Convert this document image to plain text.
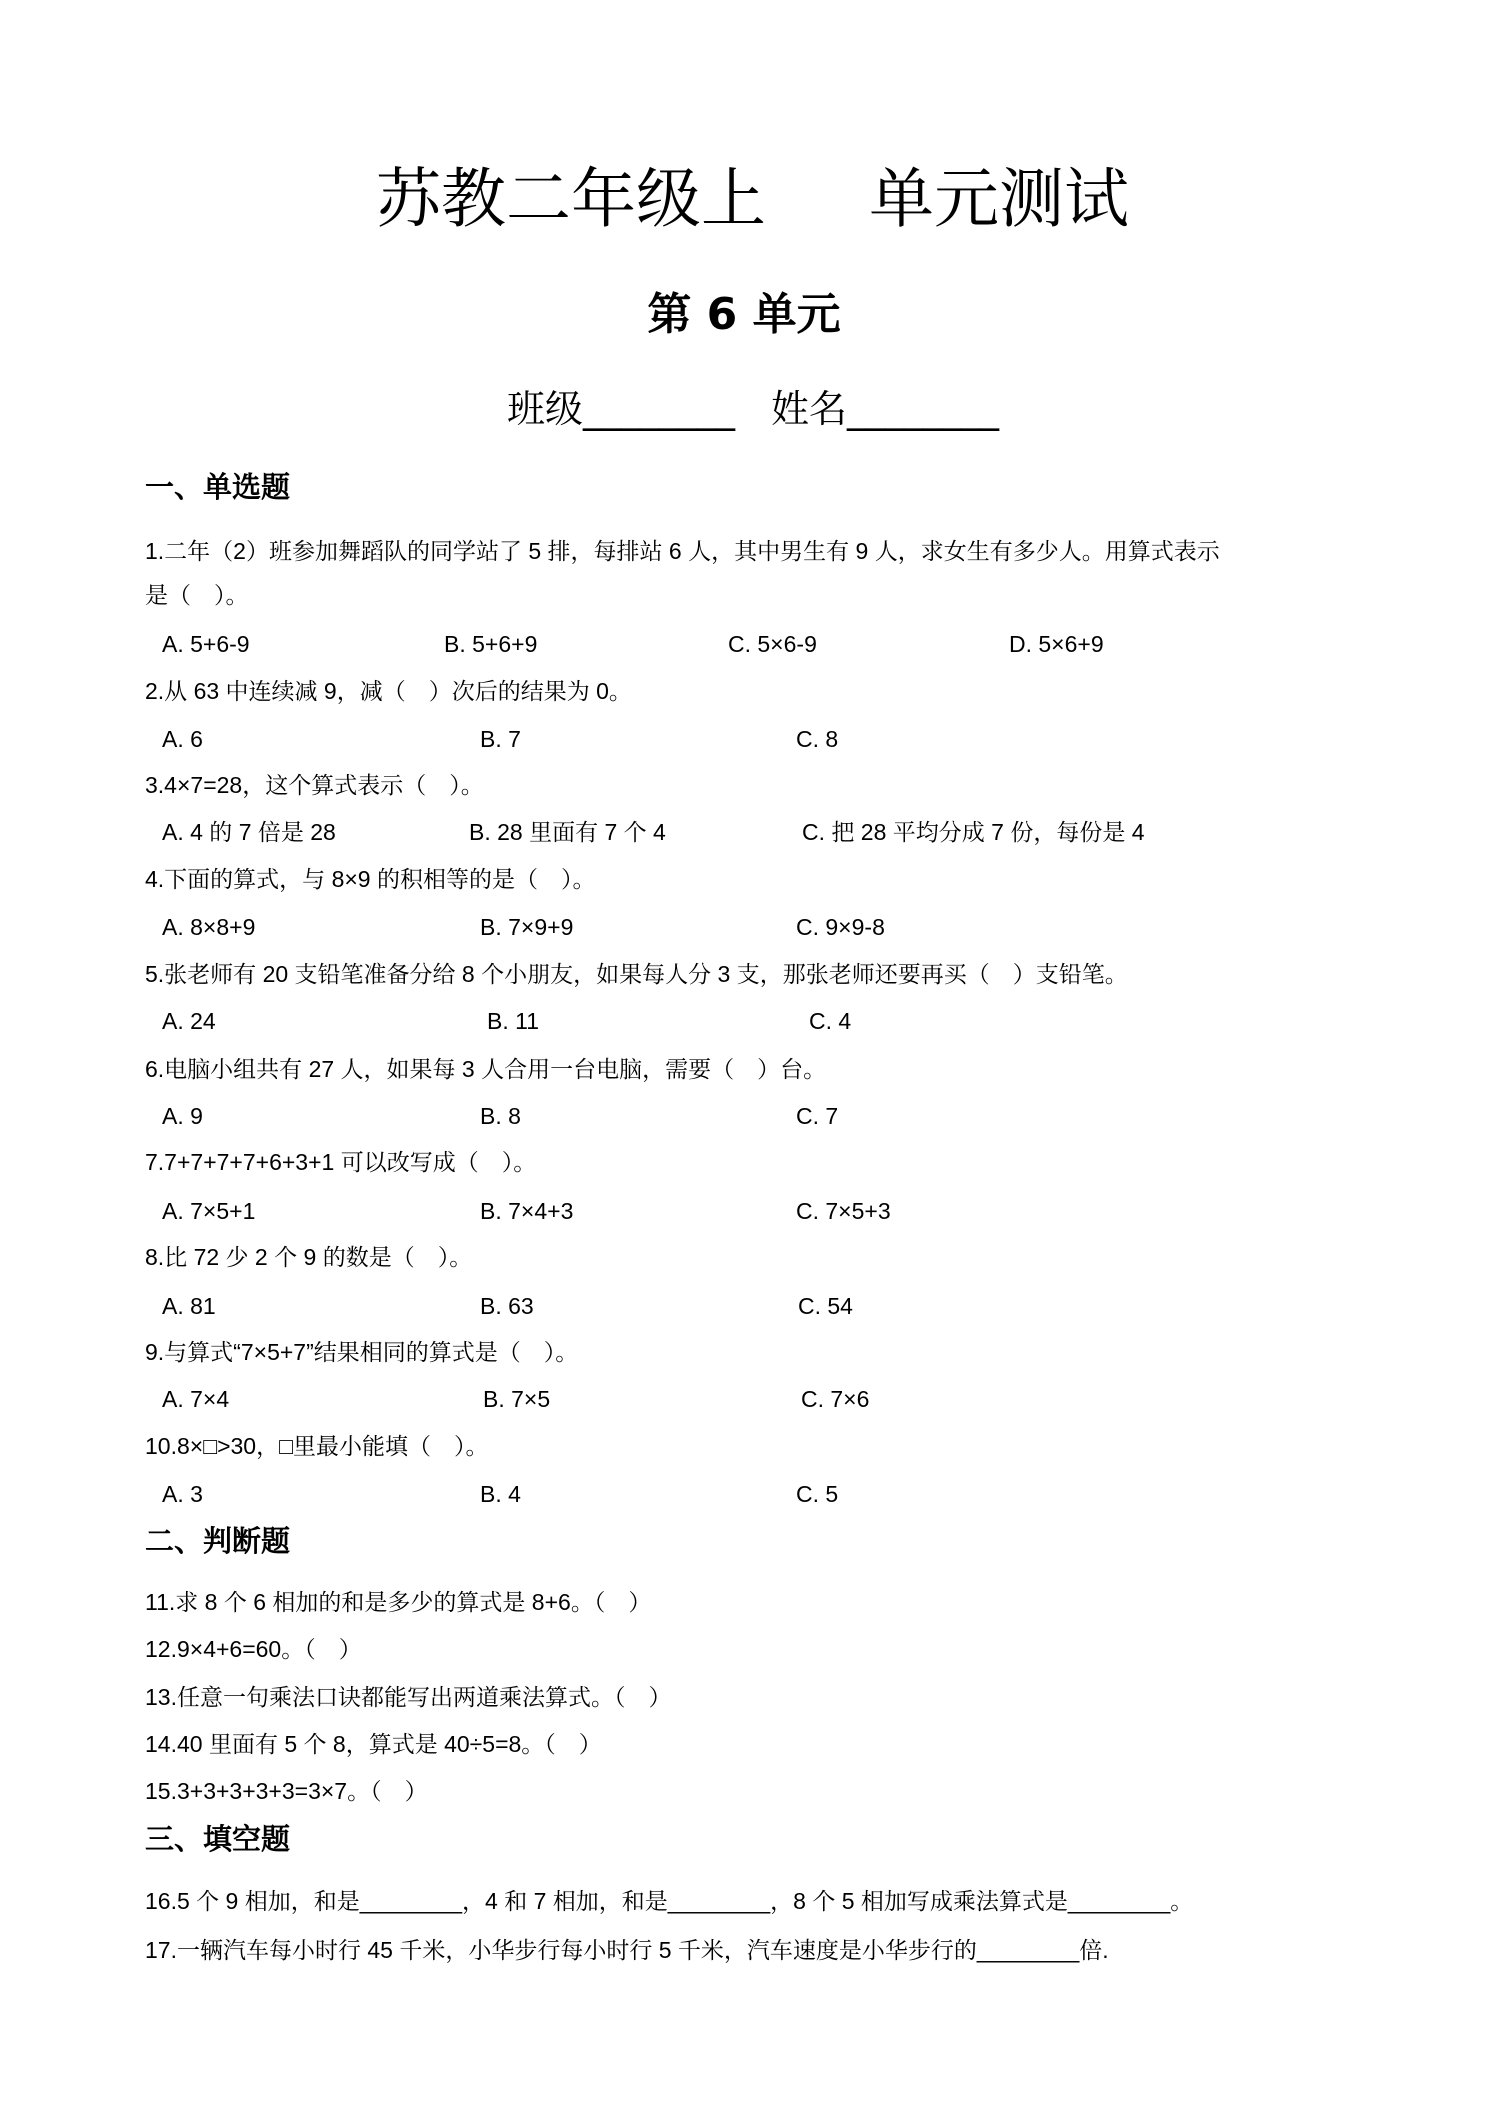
苏教二年级上 单元测试
第 6 单元
班级________ 姓名________
一、单选题
1.二年（2）班参加舞蹈队的同学站了 5 排，每排站 6 人，其中男生有 9 人，求女生有多少人。用算式表示
是（　）。
A. 5+6-9	B. 5+6+9	C. 5×6-9	D. 5×6+9
2.从 63 中连续减 9，减（　）次后的结果为 0。
A. 6	B. 7	C. 8
3.4×7=28，这个算式表示（　）。
A. 4 的 7 倍是 28	B. 28 里面有 7 个 4	C. 把 28 平均分成 7 份，每份是 4
4.下面的算式，与 8×9 的积相等的是（　）。
A. 8×8+9	B. 7×9+9	C. 9×9-8
5.张老师有 20 支铅笔准备分给 8 个小朋友，如果每人分 3 支，那张老师还要再买（　）支铅笔。
A. 24	B. 11	C. 4
6.电脑小组共有 27 人，如果每 3 人合用一台电脑，需要（　）台。
A. 9	B. 8	C. 7
7.7+7+7+7+6+3+1 可以改写成（　）。
A. 7×5+1	B. 7×4+3	C. 7×5+3
8.比 72 少 2 个 9 的数是（　）。
A. 81	B. 63	C. 54
9.与算式“7×5+7”结果相同的算式是（　）。
A. 7×4	B. 7×5	C. 7×6
10.8×□>30，□里最小能填（　）。
A. 3	B. 4	C. 5
二、判断题
11.求 8 个 6 相加的和是多少的算式是 8+6。（　）
12.9×4+6=60。（　）
13.任意一句乘法口诀都能写出两道乘法算式。（　）
14.40 里面有 5 个 8，算式是 40÷5=8。（　）
15.3+3+3+3+3=3×7。（　）
三、填空题
16.5 个 9 相加，和是________，4 和 7 相加，和是________，8 个 5 相加写成乘法算式是________。
17.一辆汽车每小时行 45 千米，小华步行每小时行 5 千米，汽车速度是小华步行的________倍.
